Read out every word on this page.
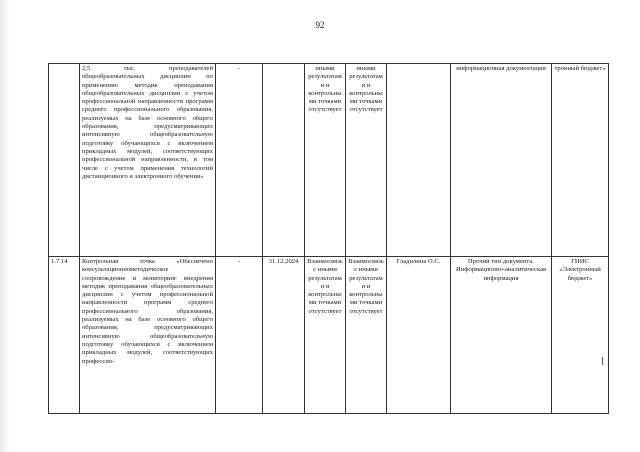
92
	2,5 тыс. преподавателей общеобразовательных дисциплин по применению методик преподавания общеобразовательных дисциплин с учетом профессиональной направленности программ среднего профессионального образования, реализуемых на базе основного общего образования, предусматривающих интенсивную общеобразовательную подготовку обучающихся с включением прикладных модулей, соответствующих профессиональной направленности, в том числе с учетом применения технологий дистанционного и электронного обучения»	-		иными результатами и контрольными точками отсутствует	иными результатами и контрольными точками отсутствует		информационная документация	тронный бюджет»
1.7.14	Контрольная точка «Обеспечено консультационнометодическое сопровождение и мониторинг внедрения методик преподавания общеобразовательных дисциплин с учетом профессиональной направленности программ среднего профессионального образования, реализуемых на базе основного общего образования, предусматривающих интенсивную общеобразовательную подготовку обучающихся с включением прикладных модулей, соответствующих профессио-	-	31.12.2024	Взаимосвязь с иными результатами и контрольными точками отсутствует	Взаимосвязь с иными результатами и контрольными точками отсутствует	Гладилина О.С.	Прочий тип документа. Информационно-аналитическая информация	ГИИС «Электронный бюджет»
